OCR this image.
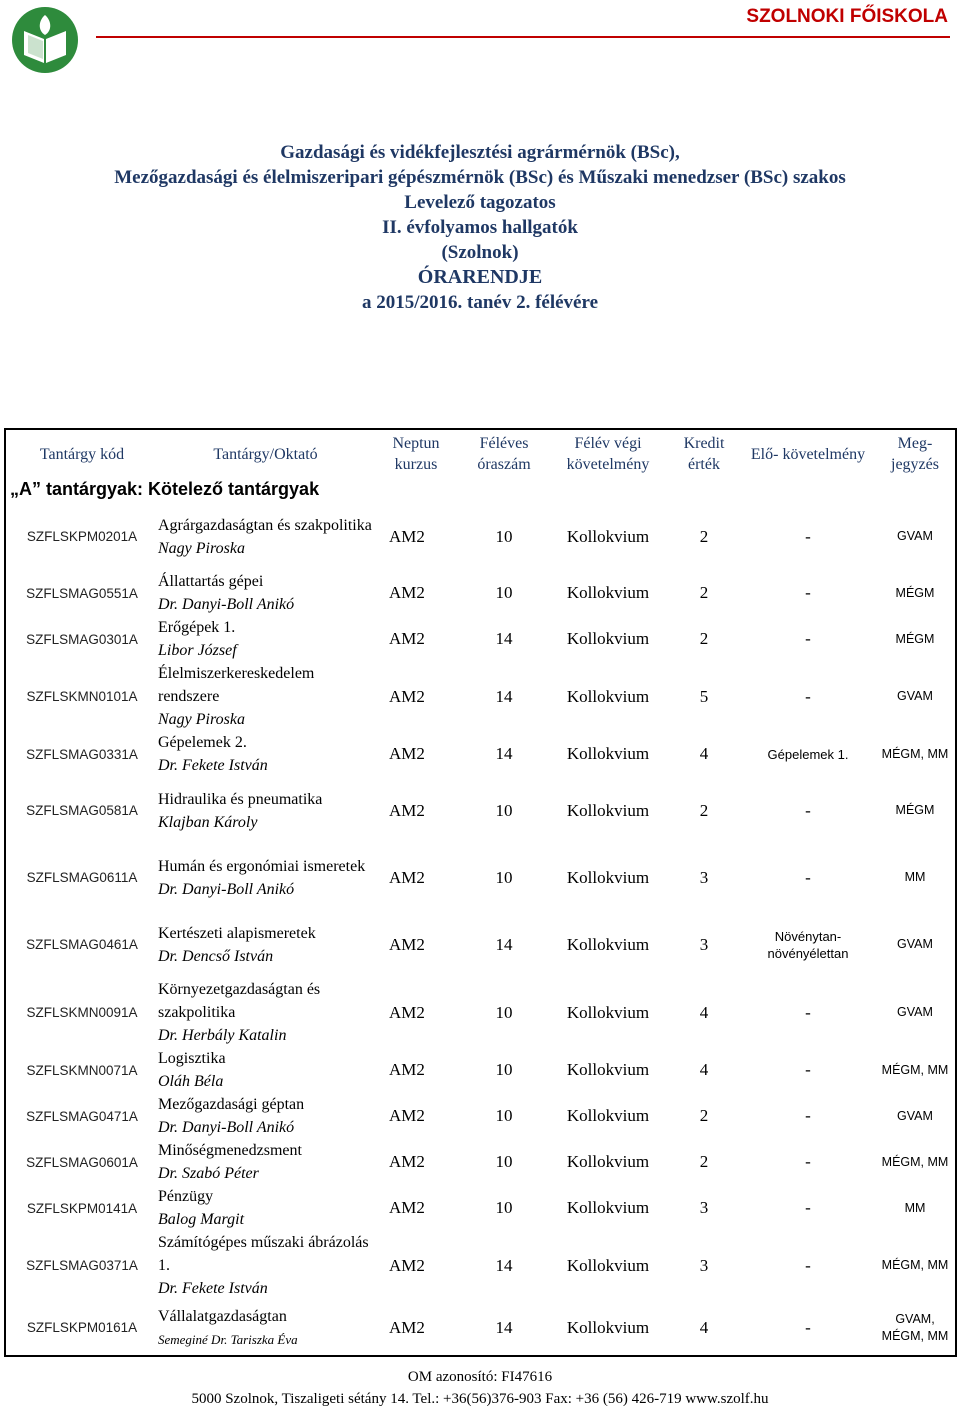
SZOLNOKI FŐISKOLA
Gazdasági és vidékfejlesztési agrármérnök (BSc),
Mezőgazdasági és élelmiszeripari gépészmérnök (BSc) és Műszaki menedzser (BSc) szakos
Levelező tagozatos
II. évfolyamos hallgatók
(Szolnok)
ÓRARENDJE
a 2015/2016. tanév 2. félévére
Tantárgy kód	Tantárgy/Oktató	Neptun kurzus	Féléves óraszám	Félév végi követelmény	Kredit érték	Elő- követelmény	Meg- jegyzés
„A” tantárgyak: Kötelező tantárgyak							
SZFLSKPM0201A	Agrárgazdaságtan és szakpolitika
Nagy Piroska	AM2	10	Kollokvium	2	-	GVAM
SZFLSMAG0551A	Állattartás gépei
Dr. Danyi-Boll Anikó	AM2	10	Kollokvium	2	-	MÉGM
SZFLSMAG0301A	Erőgépek 1.
Libor József	AM2	14	Kollokvium	2	-	MÉGM
SZFLSKMN0101A	Élelmiszerkereskedelem rendszere
Nagy Piroska	AM2	14	Kollokvium	5	-	GVAM
SZFLSMAG0331A	Gépelemek 2.
Dr. Fekete István	AM2	14	Kollokvium	4	Gépelemek 1.	MÉGM, MM
SZFLSMAG0581A	Hidraulika és pneumatika
Klajban Károly	AM2	10	Kollokvium	2	-	MÉGM
SZFLSMAG0611A	Humán és ergonómiai ismeretek
Dr. Danyi-Boll Anikó	AM2	10	Kollokvium	3	-	MM
SZFLSMAG0461A	Kertészeti alapismeretek
Dr. Dencső István	AM2	14	Kollokvium	3	Növénytan-növényélettan	GVAM
SZFLSKMN0091A	Környezetgazdaságtan és szakpolitika
Dr. Herbály Katalin	AM2	10	Kollokvium	4	-	GVAM
SZFLSKMN0071A	Logisztika
Oláh Béla	AM2	10	Kollokvium	4	-	MÉGM, MM
SZFLSMAG0471A	Mezőgazdasági géptan
Dr. Danyi-Boll Anikó	AM2	10	Kollokvium	2	-	GVAM
SZFLSMAG0601A	Minőségmenedzsment
Dr. Szabó Péter	AM2	10	Kollokvium	2	-	MÉGM, MM
SZFLSKPM0141A	Pénzügy
Balog Margit	AM2	10	Kollokvium	3	-	MM
SZFLSMAG0371A	Számítógépes műszaki ábrázolás 1.
Dr. Fekete István	AM2	14	Kollokvium	3	-	MÉGM, MM
SZFLSKPM0161A	Vállalatgazdaságtan
Semeginé Dr. Tariszka Éva	AM2	14	Kollokvium	4	-	GVAM, MÉGM, MM
OM azonosító: FI47616
5000 Szolnok, Tiszaligeti sétány 14. Tel.: +36(56)376-903 Fax: +36 (56) 426-719 www.szolf.hu
